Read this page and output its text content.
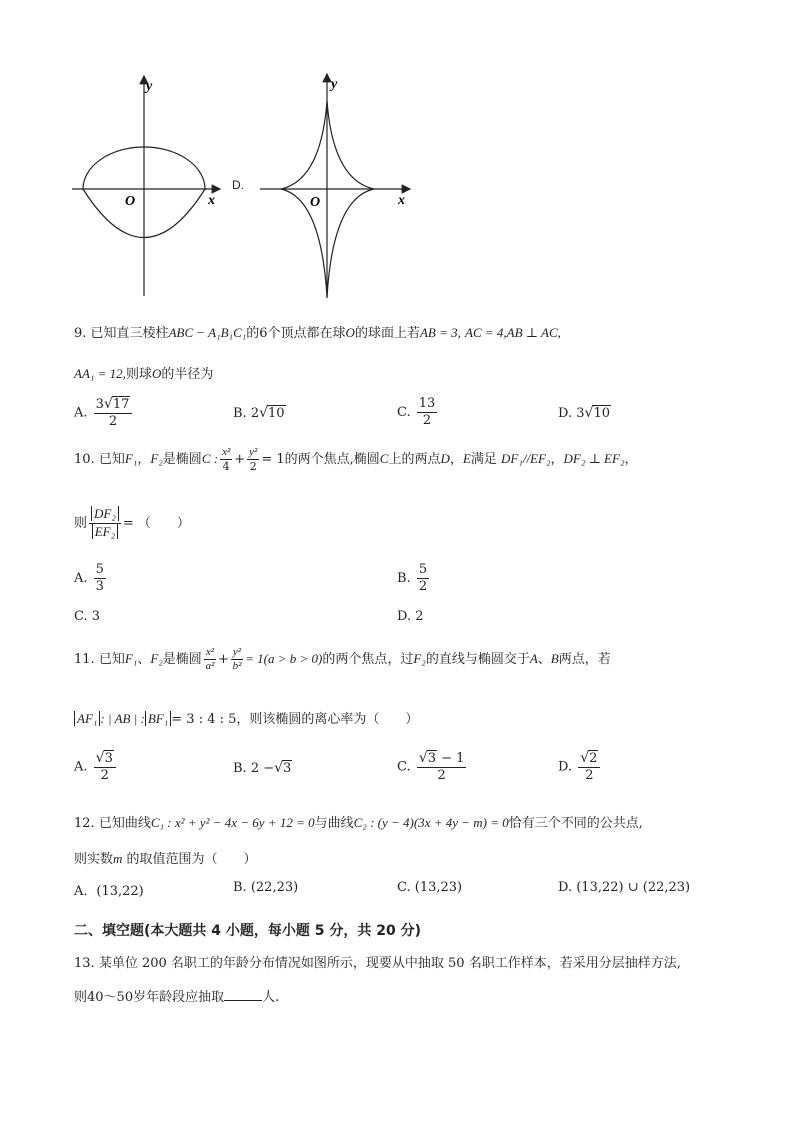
y
x
O
D.
y
x
O
9. 已知直三棱柱ABC − A₁B₁C₁的6个顶点都在球O的球面上若AB = 3, AC = 4,AB ⊥ AC,
AA₁ = 12,则球O的半径为
A. $\frac{3√17}{2}$	B. 2√10	C. $\frac{13}{2}$	D. 3√10
10. 已知F₁，F₂是椭圆C : $\frac{\text{x²}}{4} + \frac{\text{y²}}{2} = 1$的两个焦点,椭圆C上的两点D，E满足 DF₁//EF₂，DF₂ ⊥ EF₂，
则 $\frac{\text{DF₂}}{\text{EF₂}}$ = （　　）
A. $\frac{5}{3}$	B. $\frac{5}{2}$
C. 3	D. 2
11. 已知F₁、F₂是椭圆 $\frac{\text{x²}}{\text{a²}} + \frac{\text{y²}}{\text{b²}} = 1(a > b > 0)$的两个焦点，过F₂的直线与椭圆交于A、B两点，若
AF₁ : | AB | : BF₁ = 3 : 4 : 5，则该椭圆的离心率为（　　）
A. $\frac{√3}{2}$	B. 2 −√3	C. $\frac{√3 - 1}{2}$	D. $\frac{√2}{2}$
12. 已知曲线C₁ : x² + y² − 4x − 6y + 12 = 0与曲线C₂ : (y − 4)(3x + 4y − m) = 0恰有三个不同的公共点,
则实数m 的取值范围为（　　）
A．(13,22)	B. (22,23)	C. (13,23)	D. (13,22) ∪ (22,23)
二、填空题(本大题共 4 小题，每小题 5 分，共 20 分)
13. 某单位 200 名职工的年龄分布情况如图所示，现要从中抽取 50 名职工作样本，若采用分层抽样方法,
则40～50岁年龄段应抽取	人.
